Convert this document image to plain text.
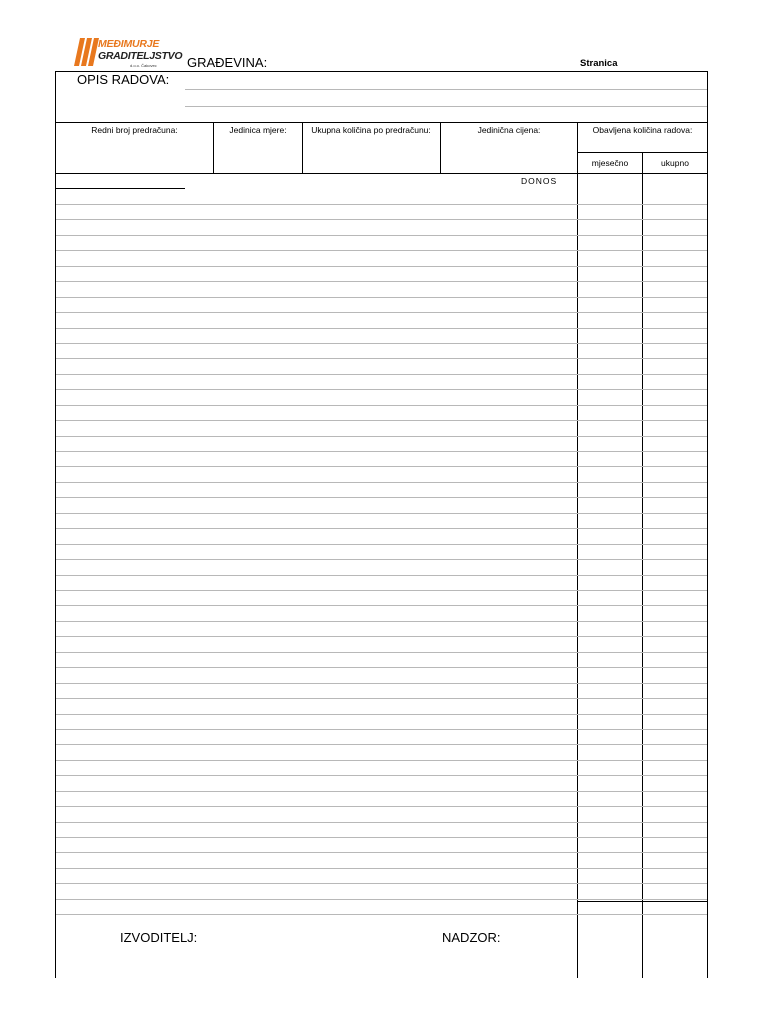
MEĐIMURJE
GRADITELJSTVO
d.o.o. Čakovec GRAĐEVINA:	Stranica
OPIS RADOVA:
Redni broj predračuna:	Jedinica mjere:	Ukupna količina po predračunu:	Jedinična cijena:	Obavljena količina radova:
mjesečno	ukupno
DONOS
IZVODITELJ:	NADZOR:
